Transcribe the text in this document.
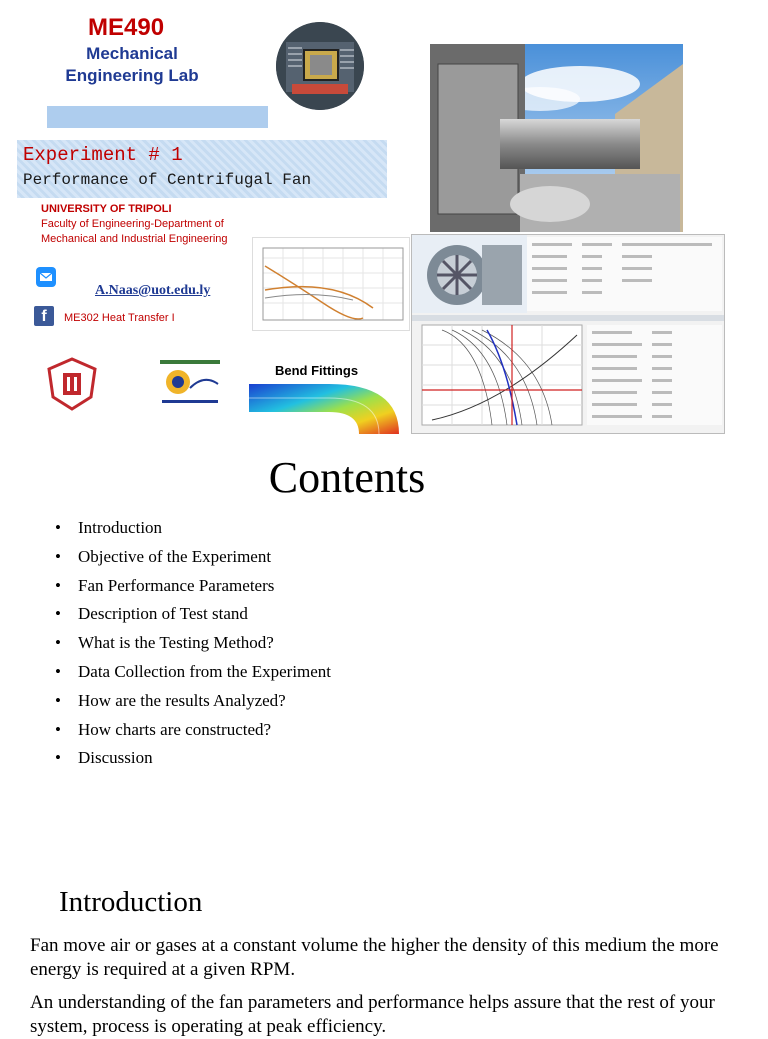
ME490
Mechanical
Engineering Lab
Experiment # 1
Performance of Centrifugal Fan
UNIVERSITY OF TRIPOLI
Faculty of Engineering-Department of
Mechanical and Industrial Engineering
A.Naas@uot.edu.ly
f	ME302 Heat Transfer I
Bend Fittings
Contents
• Introduction
• Objective of the Experiment
• Fan Performance Parameters
• Description of Test stand
• What is the Testing Method?
• Data Collection from the Experiment
• How are the results Analyzed?
• How charts are constructed?
• Discussion
Introduction
Fan move air or gases at a constant volume the higher the density of this medium the more energy is required at a given RPM.
An understanding of the fan parameters and performance helps assure that the rest of your system, process is operating at peak efficiency.
